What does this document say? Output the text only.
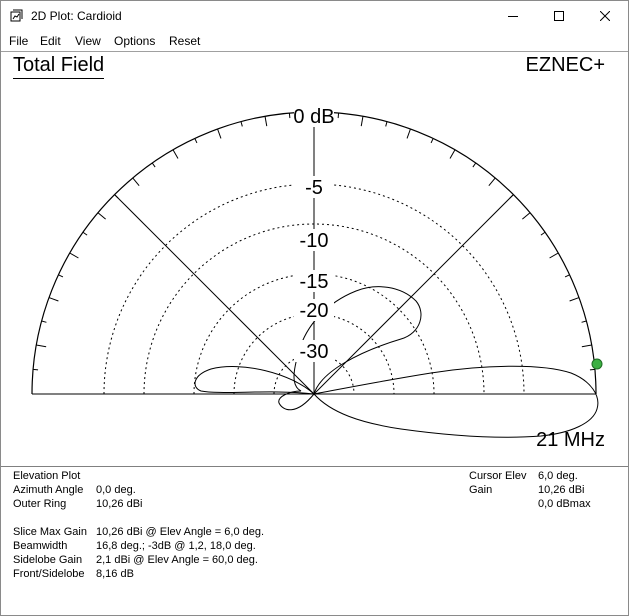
2D Plot: Cardioid
File Edit View Options Reset
Total Field	EZNEC+
21 MHz
0 dB
-5
-10
-15
-20
-30
Elevation Plot
Azimuth Angle 0,0 deg.
Outer Ring	10,26 dBi
Slice Max Gain 10,26 dBi @ Elev Angle = 6,0 deg.
Beamwidth	16,8 deg.; -3dB @ 1,2, 18,0 deg.
Sidelobe Gain 2,1 dBi @ Elev Angle = 60,0 deg.
Front/Sidelobe 8,16 dB
Cursor Elev 6,0 deg.
Gain	10,26 dBi
0,0 dBmax
